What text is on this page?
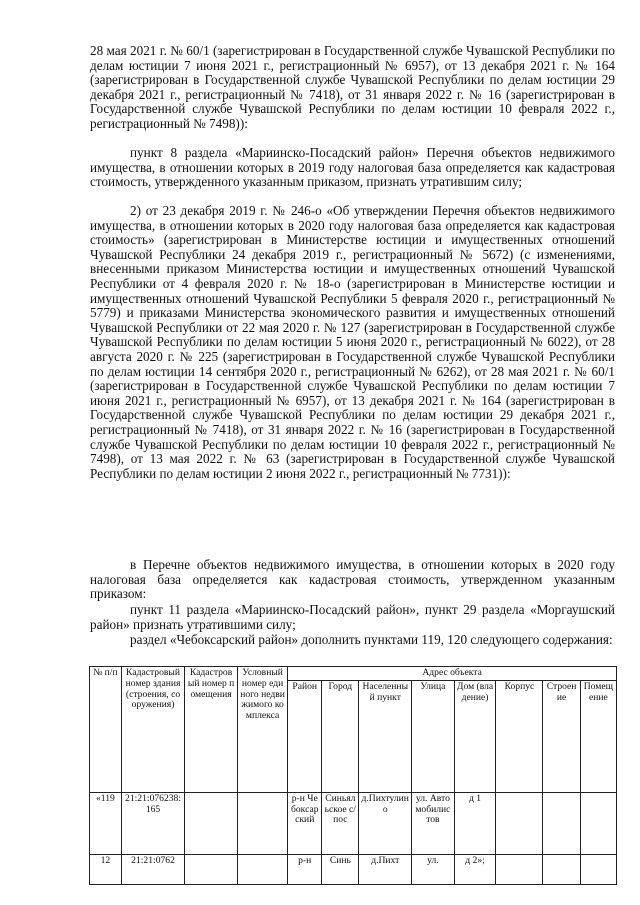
28 мая 2021 г. № 60/1 (зарегистрирован в Государственной службе Чувашской Республики по делам юстиции 7 июня 2021 г., регистрационный № 6957), от 13 декабря 2021 г. № 164 (зарегистрирован в Государственной службе Чувашской Республики по делам юстиции 29 декабря 2021 г., регистрационный № 7418), от 31 января 2022 г. № 16 (зарегистрирован в Государственной службе Чувашской Республики по делам юстиции 10 февраля 2022 г., регистрационный № 7498)):

пункт 8 раздела «Мариинско-Посадский район» Перечня объектов недвижимого имущества, в отношении которых в 2019 году налоговая база определяется как кадастровая стоимость, утвержденного указанным приказом, признать утратившим силу;

2) от 23 декабря 2019 г. № 246-о «Об утверждении Перечня объектов недвижимого имущества, в отношении которых в 2020 году налоговая база определяется как кадастровая стоимость» (зарегистрирован в Министерстве юстиции и имущественных отношений Чувашской Республики 24 декабря 2019 г., регистрационный № 5672) (с изменениями, внесенными приказом Министерства юстиции и имущественных отношений Чувашской Республики от 4 февраля 2020 г. № 18-о (зарегистрирован в Министерстве юстиции и имущественных отношений Чувашской Республики 5 февраля 2020 г., регистрационный № 5779) и приказами Министерства экономического развития и имущественных отношений Чувашской Республики от 22 мая 2020 г. № 127 (зарегистрирован в Государственной службе Чувашской Республики по делам юстиции 5 июня 2020 г., регистрационный № 6022), от 28 августа 2020 г. № 225 (зарегистрирован в Государственной службе Чувашской Республики по делам юстиции 14 сентября 2020 г., регистрационный № 6262), от 28 мая 2021 г. № 60/1 (зарегистрирован в Государственной службе Чувашской Республики по делам юстиции 7 июня 2021 г., регистрационный № 6957), от 13 декабря 2021 г. № 164 (зарегистрирован в Государственной службе Чувашской Республики по делам юстиции 29 декабря 2021 г., регистрационный № 7418), от 31 января 2022 г. № 16 (зарегистрирован в Государственной службе Чувашской Республики по делам юстиции 10 февраля 2022 г., регистрационный № 7498), от 13 мая 2022 г. № 63 (зарегистрирован в Государственной службе Чувашской Республики по делам юстиции 2 июня 2022 г., регистрационный № 7731)):

в Перечне объектов недвижимого имущества, в отношении которых в 2020 году налоговая база определяется как кадастровая стоимость, утвержденном указанным приказом:

пункт 11 раздела «Мариинско-Посадский район», пункт 29 раздела «Моргаушский район» признать утратившими силу;

раздел «Чебоксарский район» дополнить пунктами 119, 120 следующего содержания:

№ п/п	Кадастровый номер здания (строения, сооружения)	Кадастровый номер помещения	Условный номер единого недвижимого комплекса	Адрес объекта							
				Район	Город	Населенный пункт	Улица	Дом (владение)	Корпус	Строение	Помещение
«119	21:21:076238:165			р-н Чебоксарский	Синьяльское с/пос	д.Пихтулино	ул. Автомобилистов	д 1			
12	21:21:0762			р-н	Синь	д.Пихт	ул.	д 2»;			
